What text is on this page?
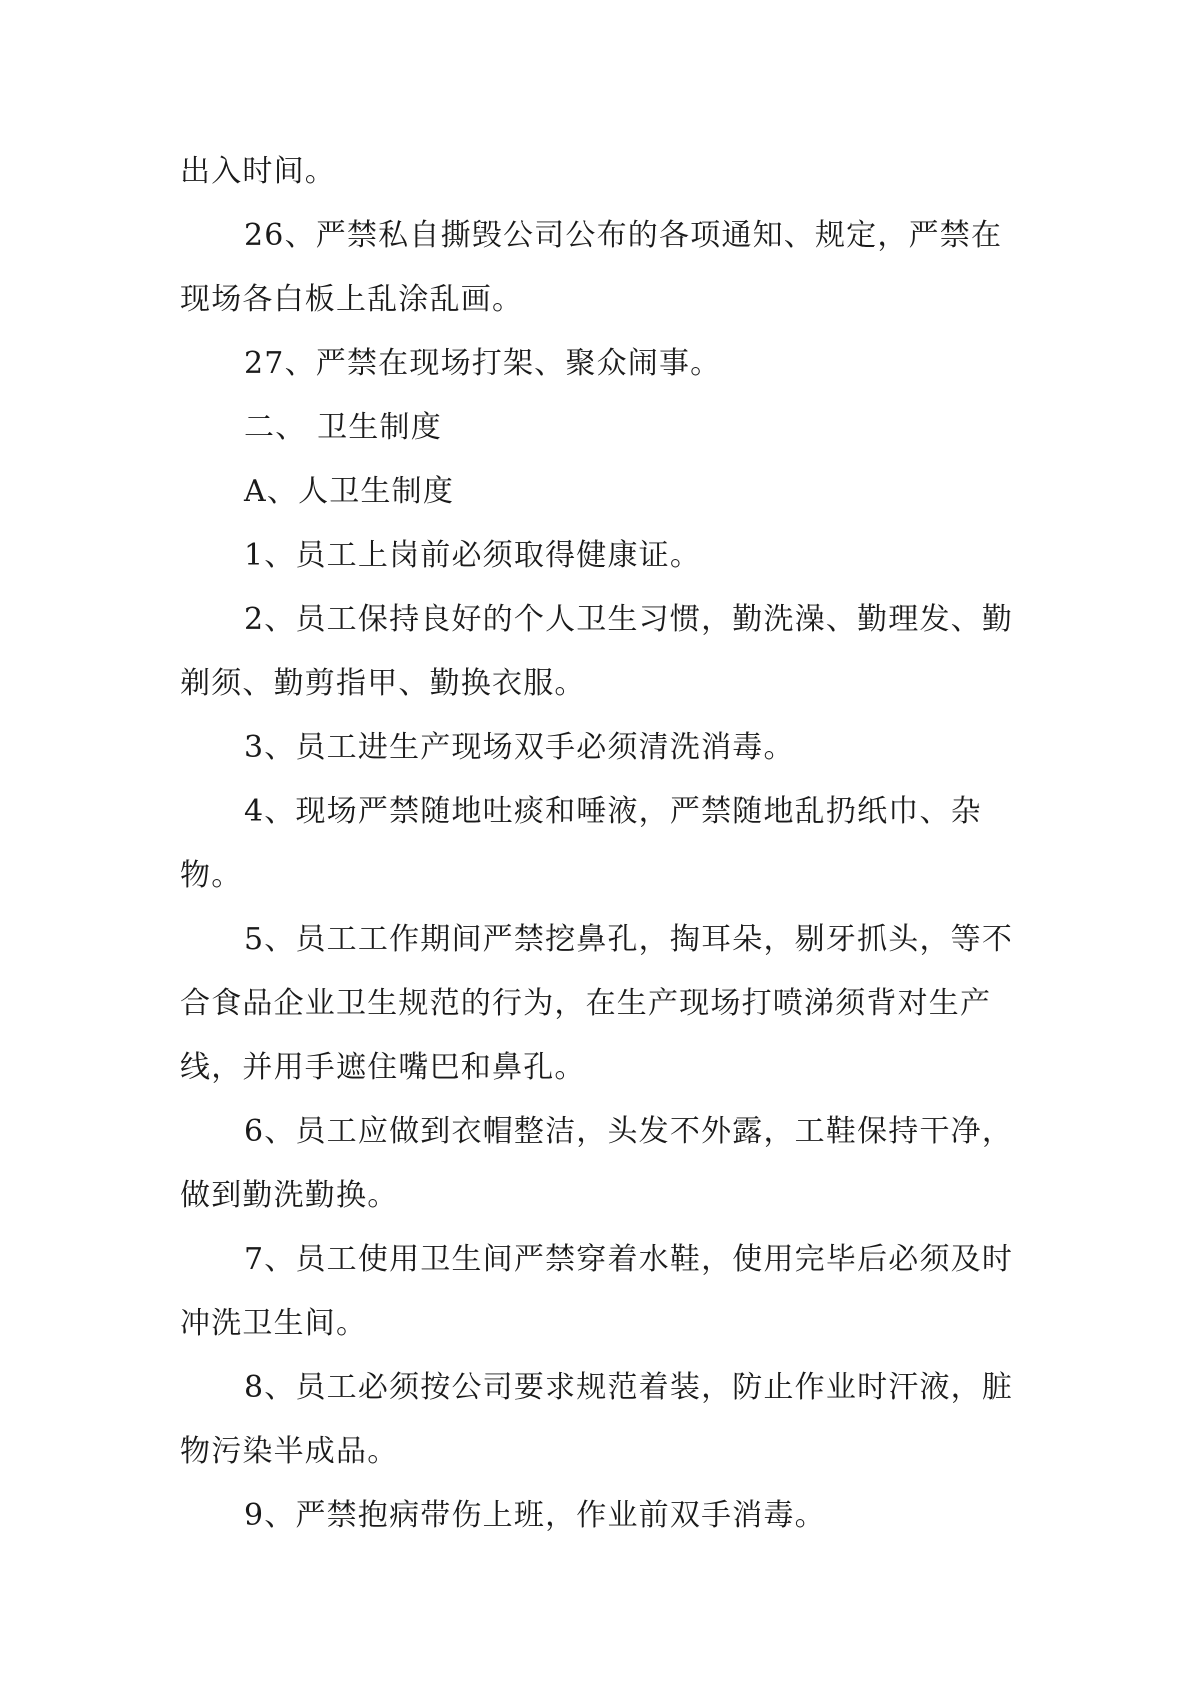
出入时间。

26、严禁私自撕毁公司公布的各项通知、规定，严禁在现场各白板上乱涂乱画。

27、严禁在现场打架、聚众闹事。

二、 卫生制度

A、人卫生制度

1、员工上岗前必须取得健康证。

2、员工保持良好的个人卫生习惯，勤洗澡、勤理发、勤剃须、勤剪指甲、勤换衣服。

3、员工进生产现场双手必须清洗消毒。

4、现场严禁随地吐痰和唾液，严禁随地乱扔纸巾、杂物。

5、员工工作期间严禁挖鼻孔，掏耳朵，剔牙抓头，等不合食品企业卫生规范的行为，在生产现场打喷涕须背对生产线，并用手遮住嘴巴和鼻孔。

6、员工应做到衣帽整洁，头发不外露，工鞋保持干净，做到勤洗勤换。

7、员工使用卫生间严禁穿着水鞋，使用完毕后必须及时冲洗卫生间。

8、员工必须按公司要求规范着装，防止作业时汗液，脏物污染半成品。

9、严禁抱病带伤上班，作业前双手消毒。
